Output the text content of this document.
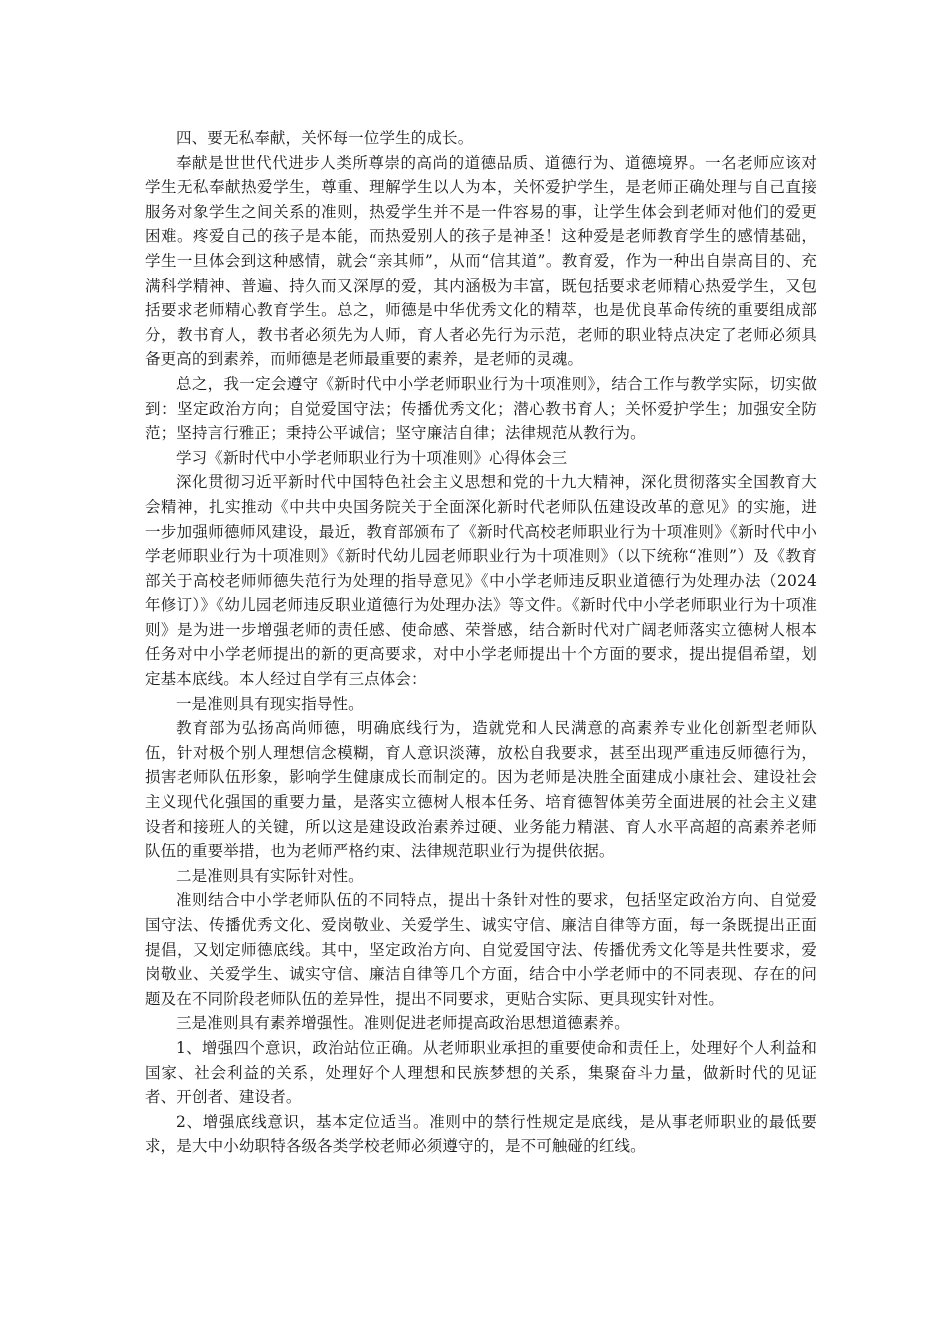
四、要无私奉献，关怀每一位学生的成长。

奉献是世世代代进步人类所尊崇的高尚的道德品质、道德行为、道德境界。一名老师应该对学生无私奉献热爱学生，尊重、理解学生以人为本，关怀爱护学生，是老师正确处理与自己直接服务对象学生之间关系的准则，热爱学生并不是一件容易的事，让学生体会到老师对他们的爱更困难。疼爱自己的孩子是本能，而热爱别人的孩子是神圣！这种爱是老师教育学生的感情基础，学生一旦体会到这种感情，就会“亲其师”，从而“信其道”。教育爱，作为一种出自崇高目的、充满科学精神、普遍、持久而又深厚的爱，其内涵极为丰富，既包括要求老师精心热爱学生，又包括要求老师精心教育学生。总之，师德是中华优秀文化的精萃，也是优良革命传统的重要组成部分，教书育人，教书者必须先为人师，育人者必先行为示范，老师的职业特点决定了老师必须具备更高的到素养，而师德是老师最重要的素养，是老师的灵魂。

总之，我一定会遵守《新时代中小学老师职业行为十项准则》，结合工作与教学实际，切实做到：坚定政治方向；自觉爱国守法；传播优秀文化；潜心教书育人；关怀爱护学生；加强安全防范；坚持言行雅正；秉持公平诚信；坚守廉洁自律；法律规范从教行为。

学习《新时代中小学老师职业行为十项准则》心得体会三

深化贯彻习近平新时代中国特色社会主义思想和党的十九大精神，深化贯彻落实全国教育大会精神，扎实推动《中共中央国务院关于全面深化新时代老师队伍建设改革的意见》的实施，进一步加强师德师风建设，最近，教育部颁布了《新时代高校老师职业行为十项准则》《新时代中小学老师职业行为十项准则》《新时代幼儿园老师职业行为十项准则》（以下统称“准则”）及《教育部关于高校老师师德失范行为处理的指导意见》《中小学老师违反职业道德行为处理办法（2024年修订）》《幼儿园老师违反职业道德行为处理办法》等文件。《新时代中小学老师职业行为十项准则》是为进一步增强老师的责任感、使命感、荣誉感，结合新时代对广阔老师落实立德树人根本任务对中小学老师提出的新的更高要求，对中小学老师提出十个方面的要求，提出提倡希望，划定基本底线。本人经过自学有三点体会：

一是准则具有现实指导性。

教育部为弘扬高尚师德，明确底线行为，造就党和人民满意的高素养专业化创新型老师队伍，针对极个别人理想信念模糊，育人意识淡薄，放松自我要求，甚至出现严重违反师德行为，损害老师队伍形象，影响学生健康成长而制定的。因为老师是决胜全面建成小康社会、建设社会主义现代化强国的重要力量，是落实立德树人根本任务、培育德智体美劳全面进展的社会主义建设者和接班人的关键，所以这是建设政治素养过硬、业务能力精湛、育人水平高超的高素养老师队伍的重要举措，也为老师严格约束、法律规范职业行为提供依据。

二是准则具有实际针对性。

准则结合中小学老师队伍的不同特点，提出十条针对性的要求，包括坚定政治方向、自觉爱国守法、传播优秀文化、爱岗敬业、关爱学生、诚实守信、廉洁自律等方面，每一条既提出正面提倡，又划定师德底线。其中，坚定政治方向、自觉爱国守法、传播优秀文化等是共性要求，爱岗敬业、关爱学生、诚实守信、廉洁自律等几个方面，结合中小学老师中的不同表现、存在的问题及在不同阶段老师队伍的差异性，提出不同要求，更贴合实际、更具现实针对性。

三是准则具有素养增强性。准则促进老师提高政治思想道德素养。

1、增强四个意识，政治站位正确。从老师职业承担的重要使命和责任上，处理好个人利益和国家、社会利益的关系，处理好个人理想和民族梦想的关系，集聚奋斗力量，做新时代的见证者、开创者、建设者。

2、增强底线意识，基本定位适当。准则中的禁行性规定是底线，是从事老师职业的最低要求，是大中小幼职特各级各类学校老师必须遵守的，是不可触碰的红线。
